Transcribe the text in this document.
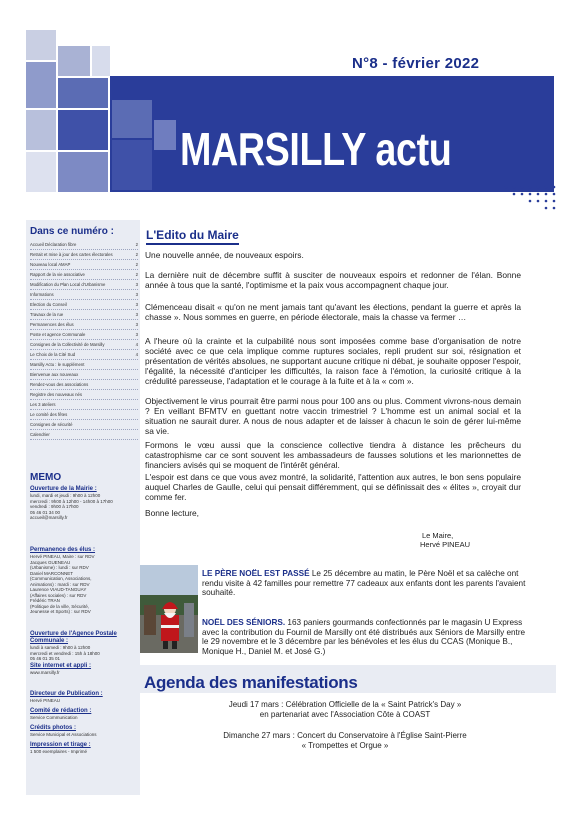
N°8 - février 2022
MARSILLY actu
Dans ce numéro :
Accueil Déclaration fibre	2
Retrait et mise à jour des cartes électorales	2
Nouveau local AMAP	2
Rapport de la vie associative	2
Modification du Plan Local d'Urbanisme	3
Informations	3
Election du Conseil	3
Travaux de la rue	3
Permanences des élus	3
Poste et agence Communale	3
Consignes de la Collectivité de Marsilly	4
Le Choix de la Cité Sud	4
Marsilly Actu : le supplément
Bienvenue aux nouveaux
Rendez-vous des associations
Registre des nouveaux nés
Les 3 ateliers
Le comité des fêtes
Consignes de sécurité
Calendrier
MEMO
Ouverture de la Mairie :
lundi, mardi et jeudi : 9h00 à 12h00
mercredi : 9h00 à 12h00 - 14h00 à 17h00
vendredi : 9h00 à 17h00
05 46 01 34 00
accueil@marsilly.fr
Permanence des élus :
Hervé PINEAU, Maire : sur RDV
Jacques GUENEAU
(Urbanisme) : lundi : sur RDV
Daniel MARCONNET
(Communication, Associations,
Animations) : mardi : sur RDV
Laurence VIAUD-TANGUAY
(Affaires sociales) : sur RDV
Frédéric TRAN
(Politique de la ville, Sécurité,
Jeunesse et Sports) : sur RDV
Ouverture de l'Agence Postale Communale :
lundi à samedi : 9h00 à 12h00
mercredi et vendredi : 15h à 18h00
05 46 01 35 01
Site internet et appli :
www.marsilly.fr
Directeur de Publication :
Hervé PINEAU
Comité de rédaction :
Service Communication
Crédits photos :
Service Municipal et Associations
Impression et tirage :
1 500 exemplaires - Imprimé
L'Edito du Maire
Une nouvelle année, de nouveaux espoirs.
La dernière nuit de décembre suffit à susciter de nouveaux espoirs et redonner de l'élan. Bonne année à tous que la santé, l'optimisme et la paix vous accompagnent chaque jour.
Clémenceau disait « qu'on ne ment jamais tant qu'avant les élections, pendant la guerre et après la chasse ». Nous sommes en guerre, en période électorale, mais la chasse va fermer …
A l'heure où la crainte et la culpabilité nous sont imposées comme base d'organisation de notre société avec ce que cela implique comme ruptures sociales, repli prudent sur soi, résignation et présentation de vérités absolues, ne supportant aucune critique ni débat, je souhaite opposer l'espoir, l'égalité, la nécessité d'anticiper les difficultés, la raison face à l'émotion, la curiosité critique à la crédulité paresseuse, l'adaptation et le courage à la fuite et à la « com ».
Objectivement le virus pourrait être parmi nous pour 100 ans ou plus. Comment vivrons-nous demain ? En veillant BFMTV en guettant notre vaccin trimestriel ? L'homme est un animal social et la situation ne saurait durer. A nous de nous adapter et de laisser à chacun le soin de gérer lui-même sa vie.
Formons le vœu aussi que la conscience collective tiendra à distance les prêcheurs du catastrophisme car ce sont souvent les ambassadeurs de fausses solutions et les marionnettes de financiers avisés qui se moquent de l'intérêt général.
L'espoir est dans ce que vous avez montré, la solidarité, l'attention aux autres, le bon sens populaire auquel Charles de Gaulle, celui qui pensait différemment, qui se définissait des « élites », croyait dur comme fer.
Bonne lecture,
Le Maire,
Hervé PINEAU
LE PÈRE NOËL EST PASSÉ Le 25 décembre au matin, le Père Noël et sa calèche ont rendu visite à 42 familles pour remettre 77 cadeaux aux enfants dont les parents l'avaient souhaité.
NOËL DES SÉNIORS. 163 paniers gourmands confectionnés par le magasin U Express avec la contribution du Fournil de Marsilly ont été distribués aux Séniors de Marsilly entre le 29 novembre et le 3 décembre par les bénévoles et les élus du CCAS (Monique B., Monique H., Daniel M. et José G.)
Agenda des manifestations
Jeudi 17 mars : Célébration Officielle de la « Saint Patrick's Day »
en partenariat avec l'Association Côte à COAST
Dimanche 27 mars : Concert du Conservatoire à l'Église Saint-Pierre
« Trompettes et Orgue »
